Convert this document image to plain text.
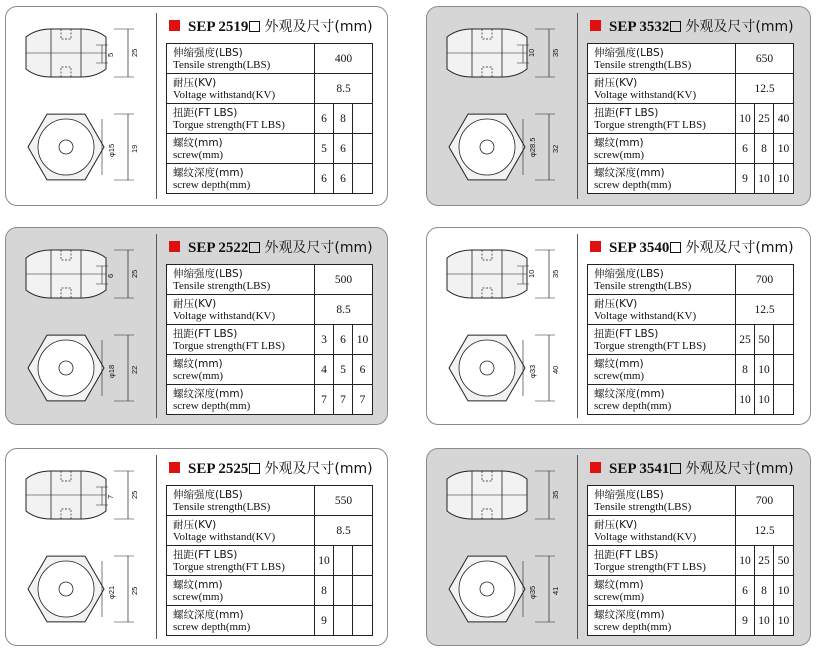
25
5
φ15 19
SEP 2519 外观及尺寸(mm)
伸缩强度(LBS)
Tensile strength(LBS)	400		

耐压(KV)
Voltage withstand(KV)	8.5		

扭距(FT LBS)
Torgue strength(FT LBS)	6	8	

螺纹(mm)
screw(mm)	5	6	

螺纹深度(mm)
screw depth(mm)	6	6	
35
10
φ28.5 32
SEP 3532 外观及尺寸(mm)
伸缩强度(LBS)
Tensile strength(LBS)	650		

耐压(KV)
Voltage withstand(KV)	12.5		

扭距(FT LBS)
Torgue strength(FT LBS)	10	25	40

螺纹(mm)
screw(mm)	6	8	10

螺纹深度(mm)
screw depth(mm)	9	10	10
25
6
φ18 22
SEP 2522 外观及尺寸(mm)
伸缩强度(LBS)
Tensile strength(LBS)	500		

耐压(KV)
Voltage withstand(KV)	8.5		

扭距(FT LBS)
Torgue strength(FT LBS)	3	6	10

螺纹(mm)
screw(mm)	4	5	6

螺纹深度(mm)
screw depth(mm)	7	7	7
35
10
φ33 40
SEP 3540 外观及尺寸(mm)
伸缩强度(LBS)
Tensile strength(LBS)	700		

耐压(KV)
Voltage withstand(KV)	12.5		

扭距(FT LBS)
Torgue strength(FT LBS)	25	50	

螺纹(mm)
screw(mm)	8	10	

螺纹深度(mm)
screw depth(mm)	10	10	
25
7
φ21 25
SEP 2525 外观及尺寸(mm)
伸缩强度(LBS)
Tensile strength(LBS)	550		

耐压(KV)
Voltage withstand(KV)	8.5		

扭距(FT LBS)
Torgue strength(FT LBS)	10		

螺纹(mm)
screw(mm)	8		

螺纹深度(mm)
screw depth(mm)	9		
35
φ35 41
SEP 3541 外观及尺寸(mm)
伸缩强度(LBS)
Tensile strength(LBS)	700		

耐压(KV)
Voltage withstand(KV)	12.5		

扭距(FT LBS)
Torgue strength(FT LBS)	10	25	50

螺纹(mm)
screw(mm)	6	8	10

螺纹深度(mm)
screw depth(mm)	9	10	10
